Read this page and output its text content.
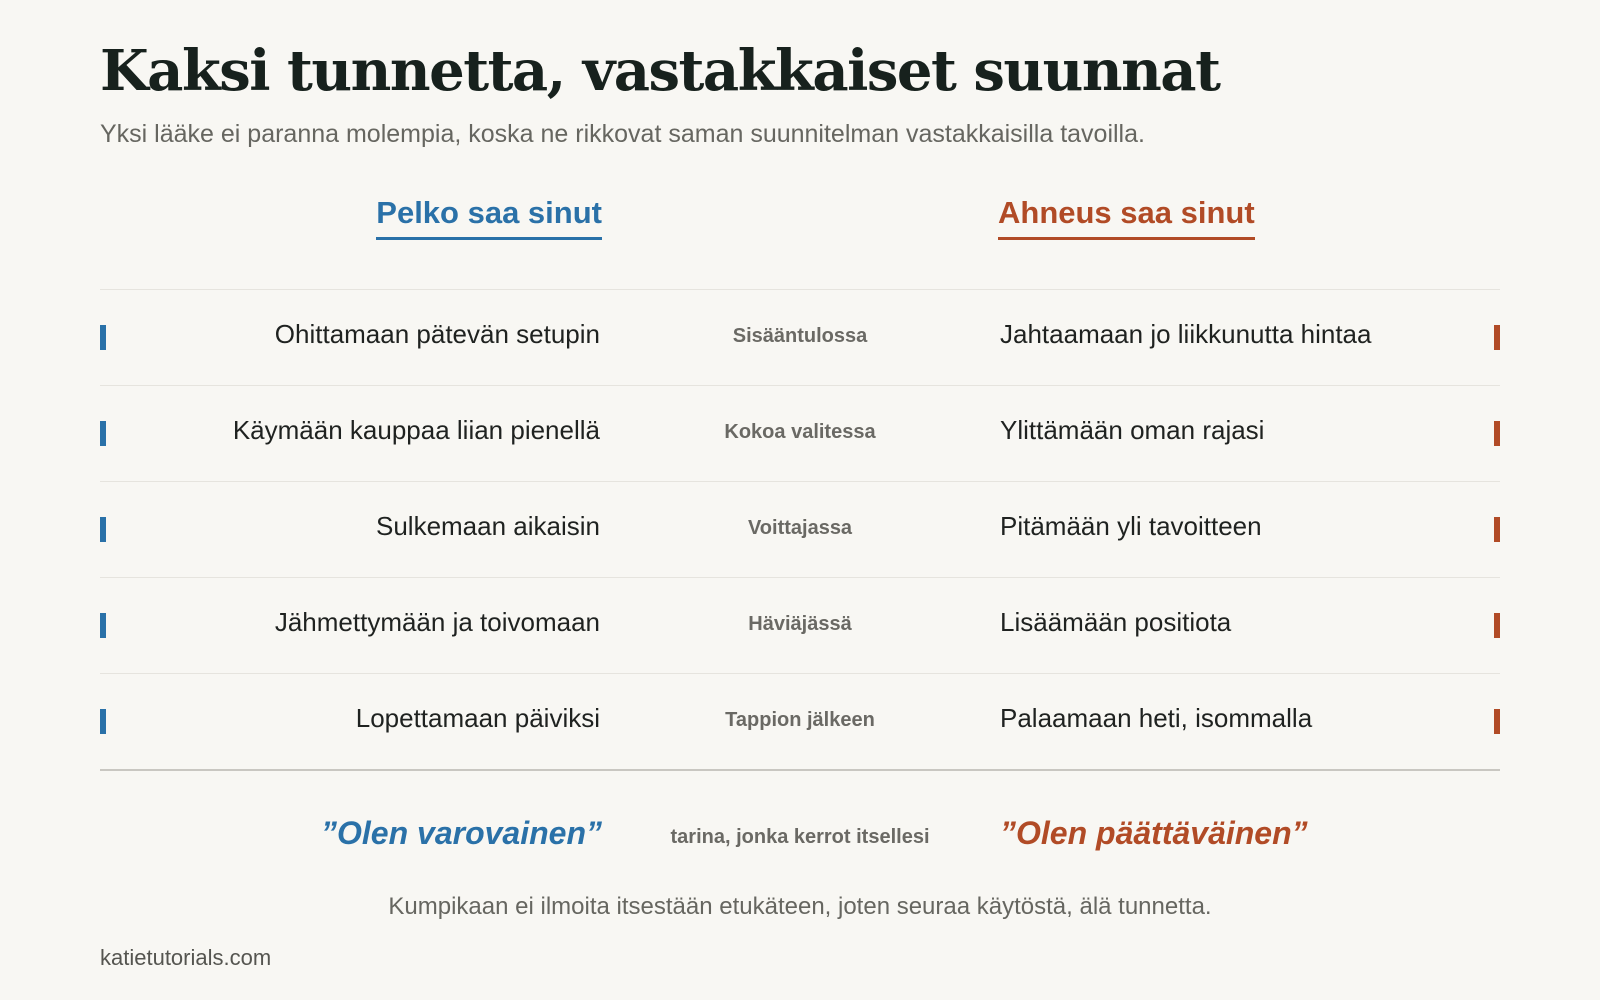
Kaksi tunnetta, vastakkaiset suunnat
Yksi lääke ei paranna molempia, koska ne rikkovat saman suunnitelman vastakkaisilla tavoilla.
Pelko saa sinut	Ahneus saa sinut
Ohittamaan pätevän setupin	Sisääntulossa	Jahtaamaan jo liikkunutta hintaa
Käymään kauppaa liian pienellä	Kokoa valitessa	Ylittämään oman rajasi
Sulkemaan aikaisin	Voittajassa	Pitämään yli tavoitteen
Jähmettymään ja toivomaan	Häviäjässä	Lisäämään positiota
Lopettamaan päiviksi	Tappion jälkeen	Palaamaan heti, isommalla
”Olen varovainen”	tarina, jonka kerrot itsellesi	”Olen päättäväinen”
Kumpikaan ei ilmoita itsestään etukäteen, joten seuraa käytöstä, älä tunnetta.
katietutorials.com
